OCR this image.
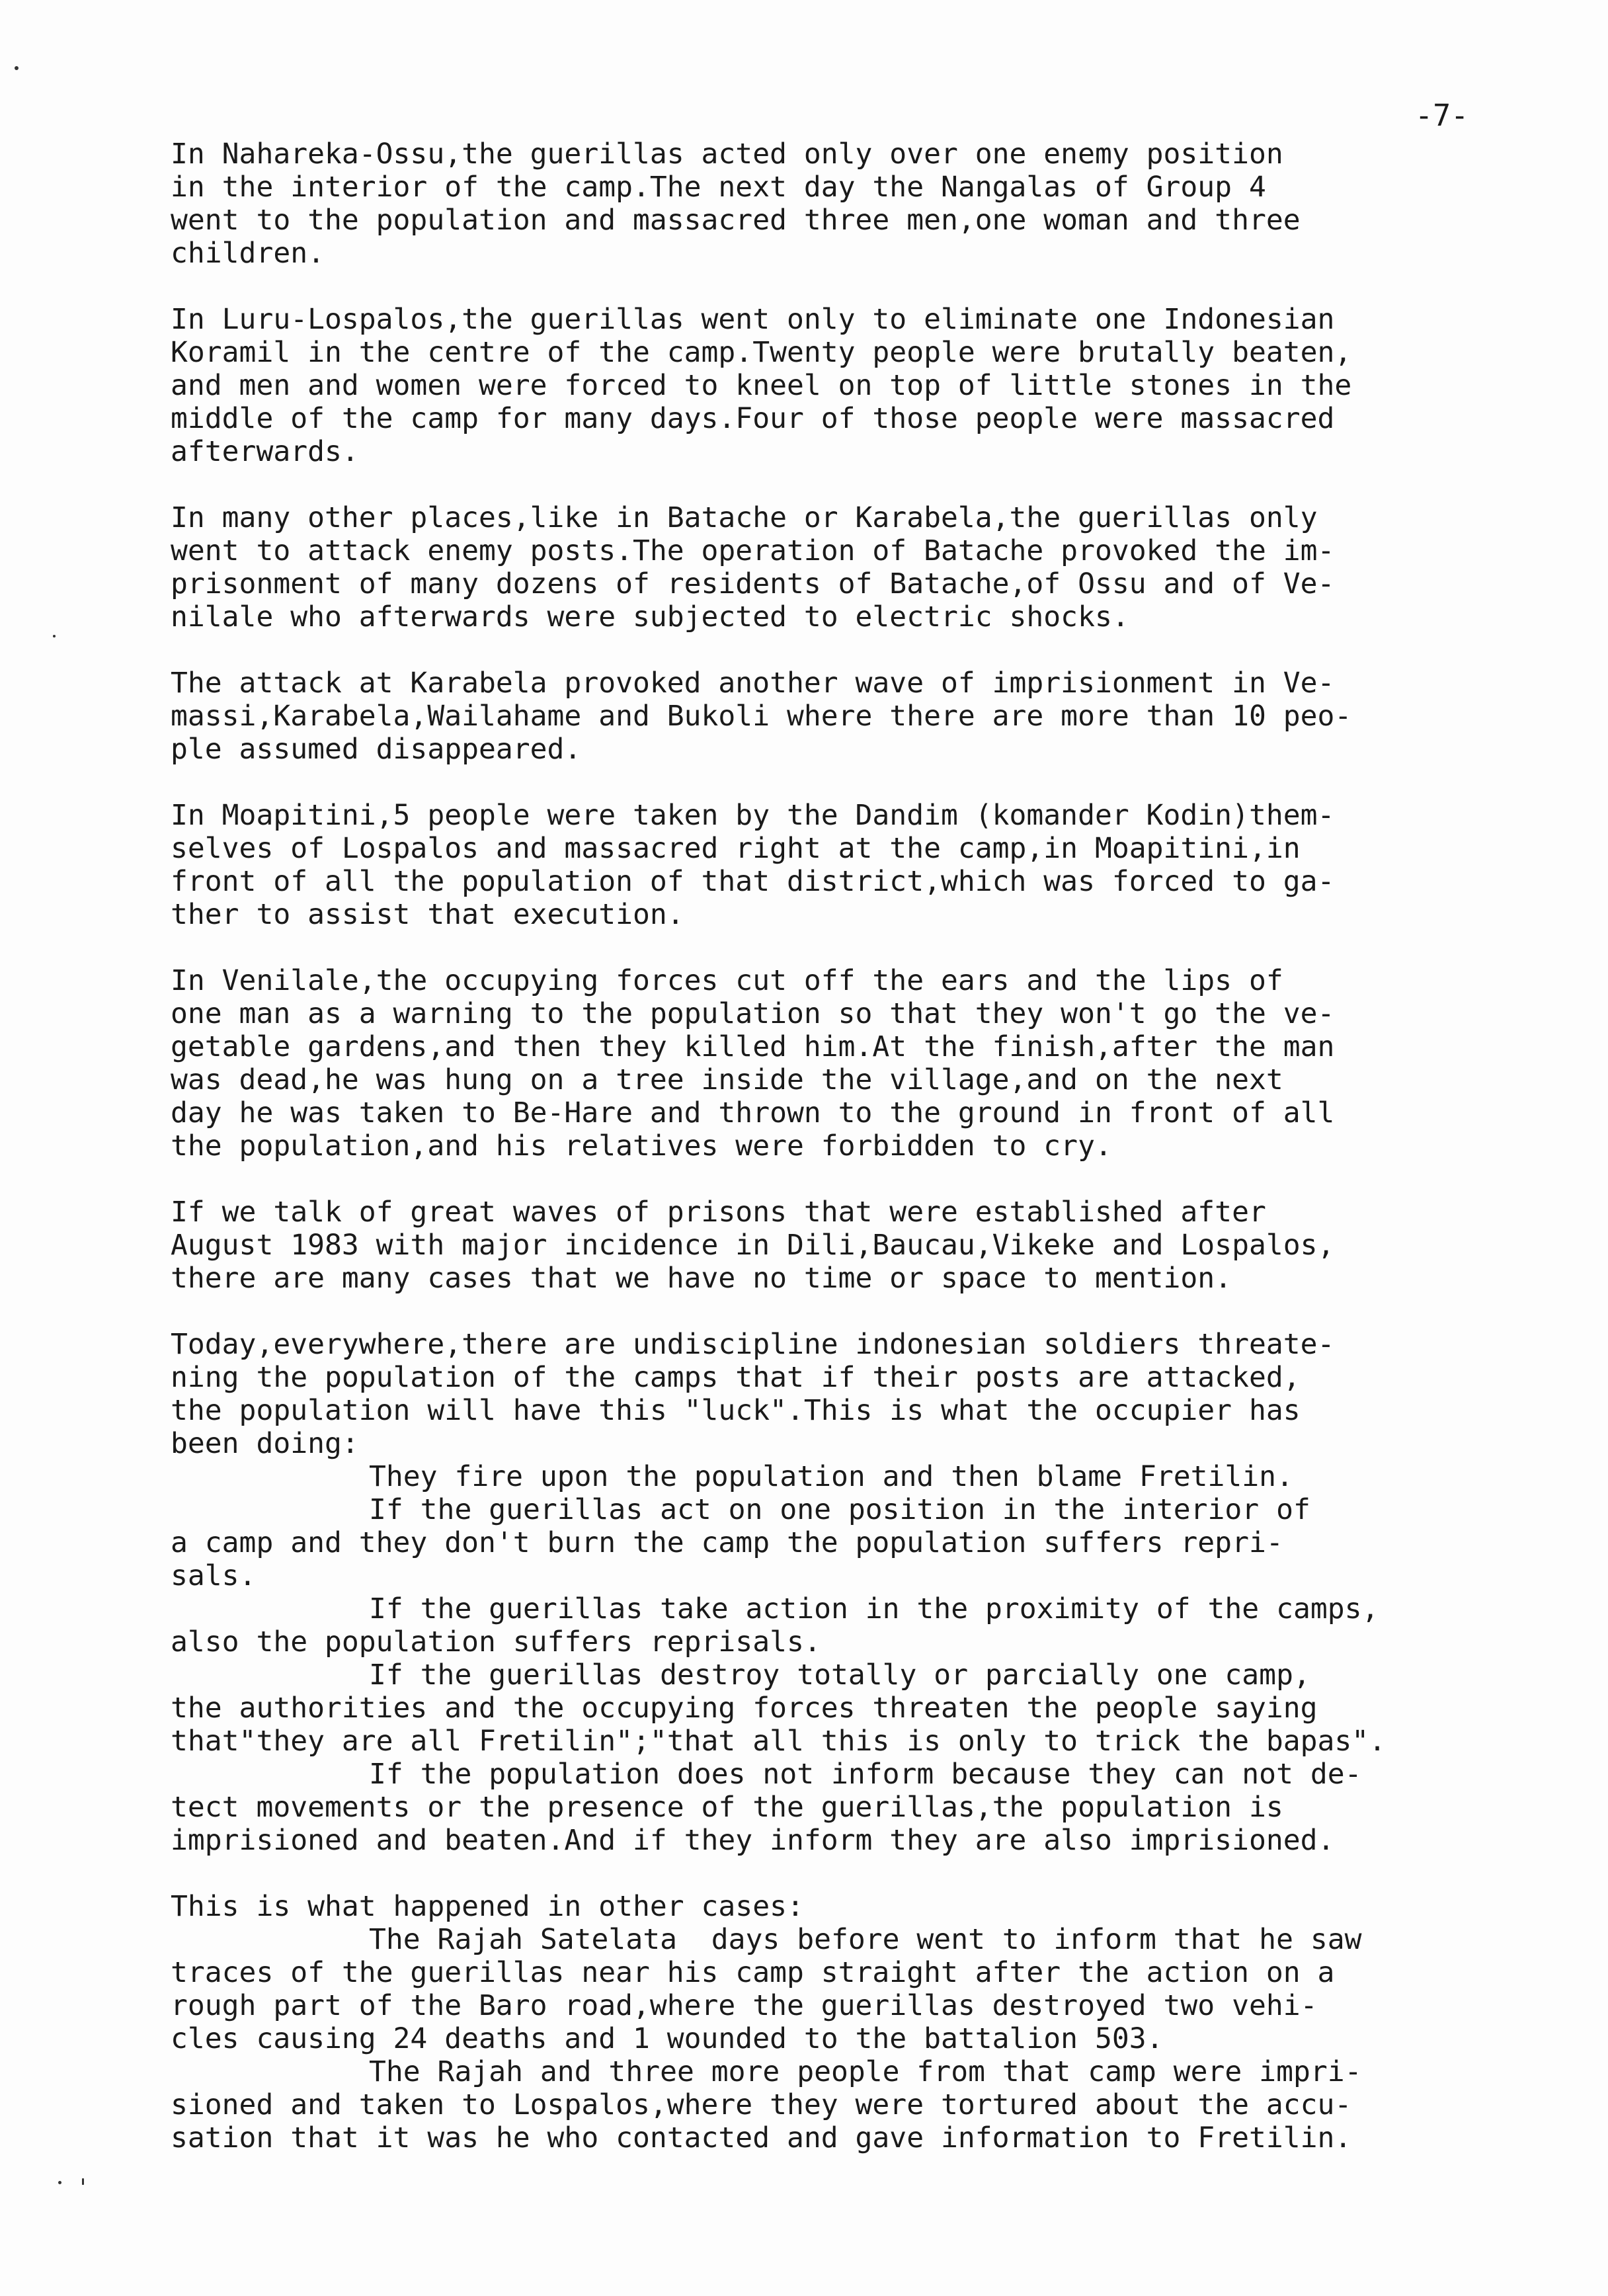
-7-

In Nahareka-Ossu,the guerillas acted only over one enemy position
in the interior of the camp.The next day the Nangalas of Group 4
went to the population and massacred three men,one woman and three
children.

In Luru-Lospalos,the guerillas went only to eliminate one Indonesian
Koramil in the centre of the camp.Twenty people were brutally beaten,
and men and women were forced to kneel on top of little stones in the
middle of the camp for many days.Four of those people were massacred
afterwards.

In many other places,like in Batache or Karabela,the guerillas only
went to attack enemy posts.The operation of Batache provoked the im-
prisonment of many dozens of residents of Batache,of Ossu and of Ve-
nilale who afterwards were subjected to electric shocks.

The attack at Karabela provoked another wave of imprisionment in Ve-
massi,Karabela,Wailahame and Bukoli where there are more than 10 peo-
ple assumed disappeared.

In Moapitini,5 people were taken by the Dandim (komander Kodin)them-
selves of Lospalos and massacred right at the camp,in Moapitini,in
front of all the population of that district,which was forced to ga-
ther to assist that execution.

In Venilale,the occupying forces cut off the ears and the lips of
one man as a warning to the population so that they won't go the ve-
getable gardens,and then they killed him.At the finish,after the man
was dead,he was hung on a tree inside the village,and on the next
day he was taken to Be-Hare and thrown to the ground in front of all
the population,and his relatives were forbidden to cry.

If we talk of great waves of prisons that were established after
August 1983 with major incidence in Dili,Baucau,Vikeke and Lospalos,
there are many cases that we have no time or space to mention.

Today,everywhere,there are undiscipline indonesian soldiers threate-
ning the population of the camps that if their posts are attacked,
the population will have this "luck".This is what the occupier has
been doing:
They fire upon the population and then blame Fretilin.
If the guerillas act on one position in the interior of
a camp and they don't burn the camp the population suffers repri-
sals.
If the guerillas take action in the proximity of the camps,
also the population suffers reprisals.
If the guerillas destroy totally or parcially one camp,
the authorities and the occupying forces threaten the people saying
that"they are all Fretilin";"that all this is only to trick the bapas".
If the population does not inform because they can not de-
tect movements or the presence of the guerillas,the population is
imprisioned and beaten.And if they inform they are also imprisioned.

This is what happened in other cases:
The Rajah Satelata  days before went to inform that he saw
traces of the guerillas near his camp straight after the action on a
rough part of the Baro road,where the guerillas destroyed two vehi-
cles causing 24 deaths and 1 wounded to the battalion 503.
The Rajah and three more people from that camp were impri-
sioned and taken to Lospalos,where they were tortured about the accu-
sation that it was he who contacted and gave information to Fretilin.
